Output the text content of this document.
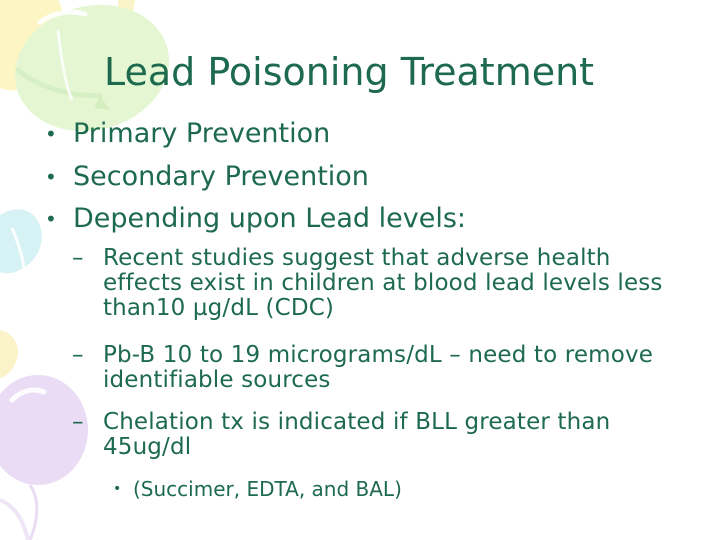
Lead Poisoning Treatment
• Primary Prevention
• Secondary Prevention
• Depending upon Lead levels:
– Recent studies suggest that adverse health effects exist in children at blood lead levels less than10 µg/dL (CDC)
– Pb-B 10 to 19 micrograms/dL – need to remove identifiable sources
– Chelation tx is indicated if BLL greater than 45ug/dl
• (Succimer, EDTA, and BAL)
